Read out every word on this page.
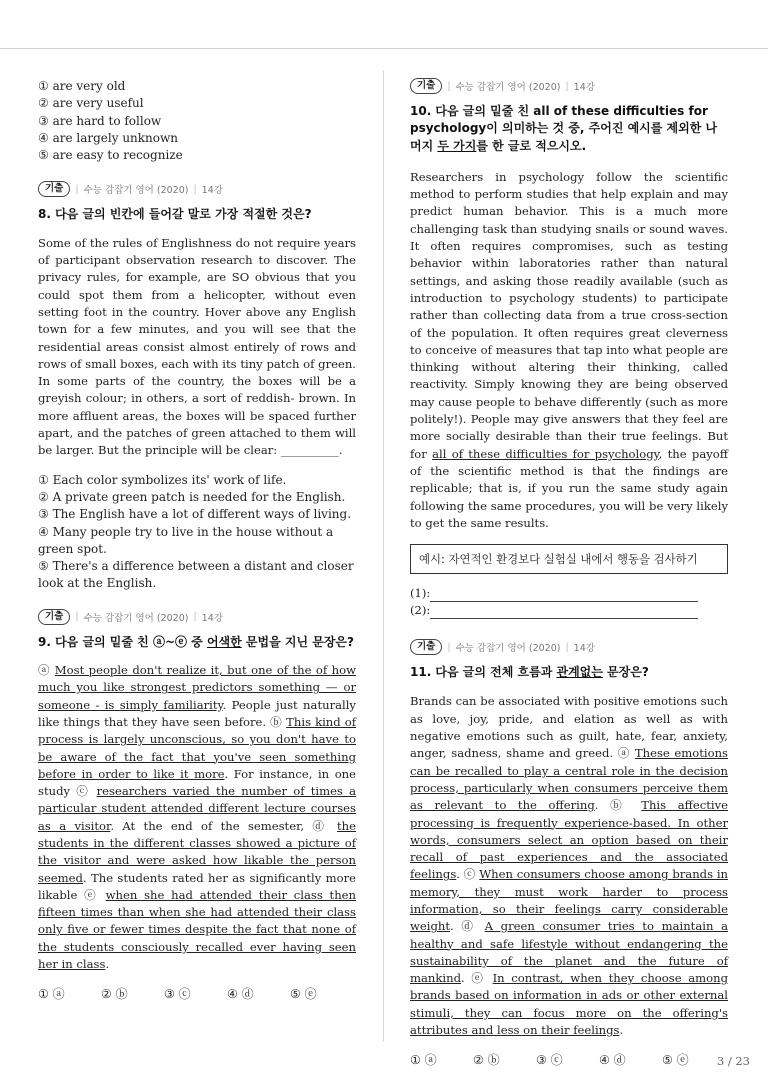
① are very old
② are very useful
③ are hard to follow
④ are largely unknown
⑤ are easy to recognize
기출	| 수능 감잡기 영어 (2020) | 14강
8. 다음 글의 빈칸에 들어갈 말로 가장 적절한 것은?
Some of the rules of Englishness do not require years of participant observation research to discover. The privacy rules, for example, are SO obvious that you could spot them from a helicopter, without even setting foot in the country. Hover above any English town for a few minutes, and you will see that the residential areas consist almost entirely of rows and rows of small boxes, each with its tiny patch of green. In some parts of the country, the boxes will be a greyish colour; in others, a sort of reddish- brown. In more affluent areas, the boxes will be spaced further apart, and the patches of green attached to them will be larger. But the principle will be clear: __________.
① Each color symbolizes its' work of life.
② A private green patch is needed for the English.
③ The English have a lot of different ways of living.
④ Many people try to live in the house without a green spot.
⑤ There's a difference between a distant and closer look at the English.
기출	| 수능 감잡기 영어 (2020) | 14강
9. 다음 글의 밑줄 친 ⓐ~ⓔ 중 어색한 문법을 지닌 문장은?
ⓐ Most people don't realize it, but one of the of how much you like strongest predictors something — or someone - is simply familiarity. People just naturally like things that they have seen before. ⓑ This kind of process is largely unconscious, so you don't have to be aware of the fact that you've seen something before in order to like it more. For instance, in one study ⓒ researchers varied the number of times a particular student attended different lecture courses as a visitor. At the end of the semester, ⓓ the students in the different classes showed a picture of the visitor and were asked how likable the person seemed. The students rated her as significantly more likable ⓔ when she had attended their class then fifteen times than when she had attended their class only five or fewer times despite the fact that none of the students consciously recalled ever having seen her in class.
① ⓐ	② ⓑ	③ ⓒ	④ ⓓ	⑤ ⓔ
기출	| 수능 감잡기 영어 (2020) | 14강
10. 다음 글의 밑줄 친 all of these difficulties for psychology이 의미하는 것 중, 주어진 예시를 제외한 나머지 두 가지를 한 글로 적으시오.
Researchers in psychology follow the scientific method to perform studies that help explain and may predict human behavior. This is a much more challenging task than studying snails or sound waves. It often requires compromises, such as testing behavior within laboratories rather than natural settings, and asking those readily available (such as introduction to psychology students) to participate rather than collecting data from a true cross-section of the population. It often requires great cleverness to conceive of measures that tap into what people are thinking without altering their thinking, called reactivity. Simply knowing they are being observed may cause people to behave differently (such as more politely!). People may give answers that they feel are more socially desirable than their true feelings. But for all of these difficulties for psychology, the payoff of the scientific method is that the findings are replicable; that is, if you run the same study again following the same procedures, you will be very likely to get the same results.
예시: 자연적인 환경보다 실험실 내에서 행동을 검사하기
(1):
(2):
기출	| 수능 감잡기 영어 (2020) | 14강
11. 다음 글의 전체 흐름과 관계없는 문장은?
Brands can be associated with positive emotions such as love, joy, pride, and elation as well as with negative emotions such as guilt, hate, fear, anxiety, anger, sadness, shame and greed. ⓐ These emotions can be recalled to play a central role in the decision process, particularly when consumers perceive them as relevant to the offering. ⓑ This affective processing is frequently experience-based. In other words, consumers select an option based on their recall of past experiences and the associated feelings. ⓒ When consumers choose among brands in memory, they must work harder to process information, so their feelings carry considerable weight. ⓓ A green consumer tries to maintain a healthy and safe lifestyle without endangering the sustainability of the planet and the future of mankind. ⓔ In contrast, when they choose among brands based on information in ads or other external stimuli, they can focus more on the offering's attributes and less on their feelings.
① ⓐ	② ⓑ	③ ⓒ	④ ⓓ	⑤ ⓔ	3 / 23
